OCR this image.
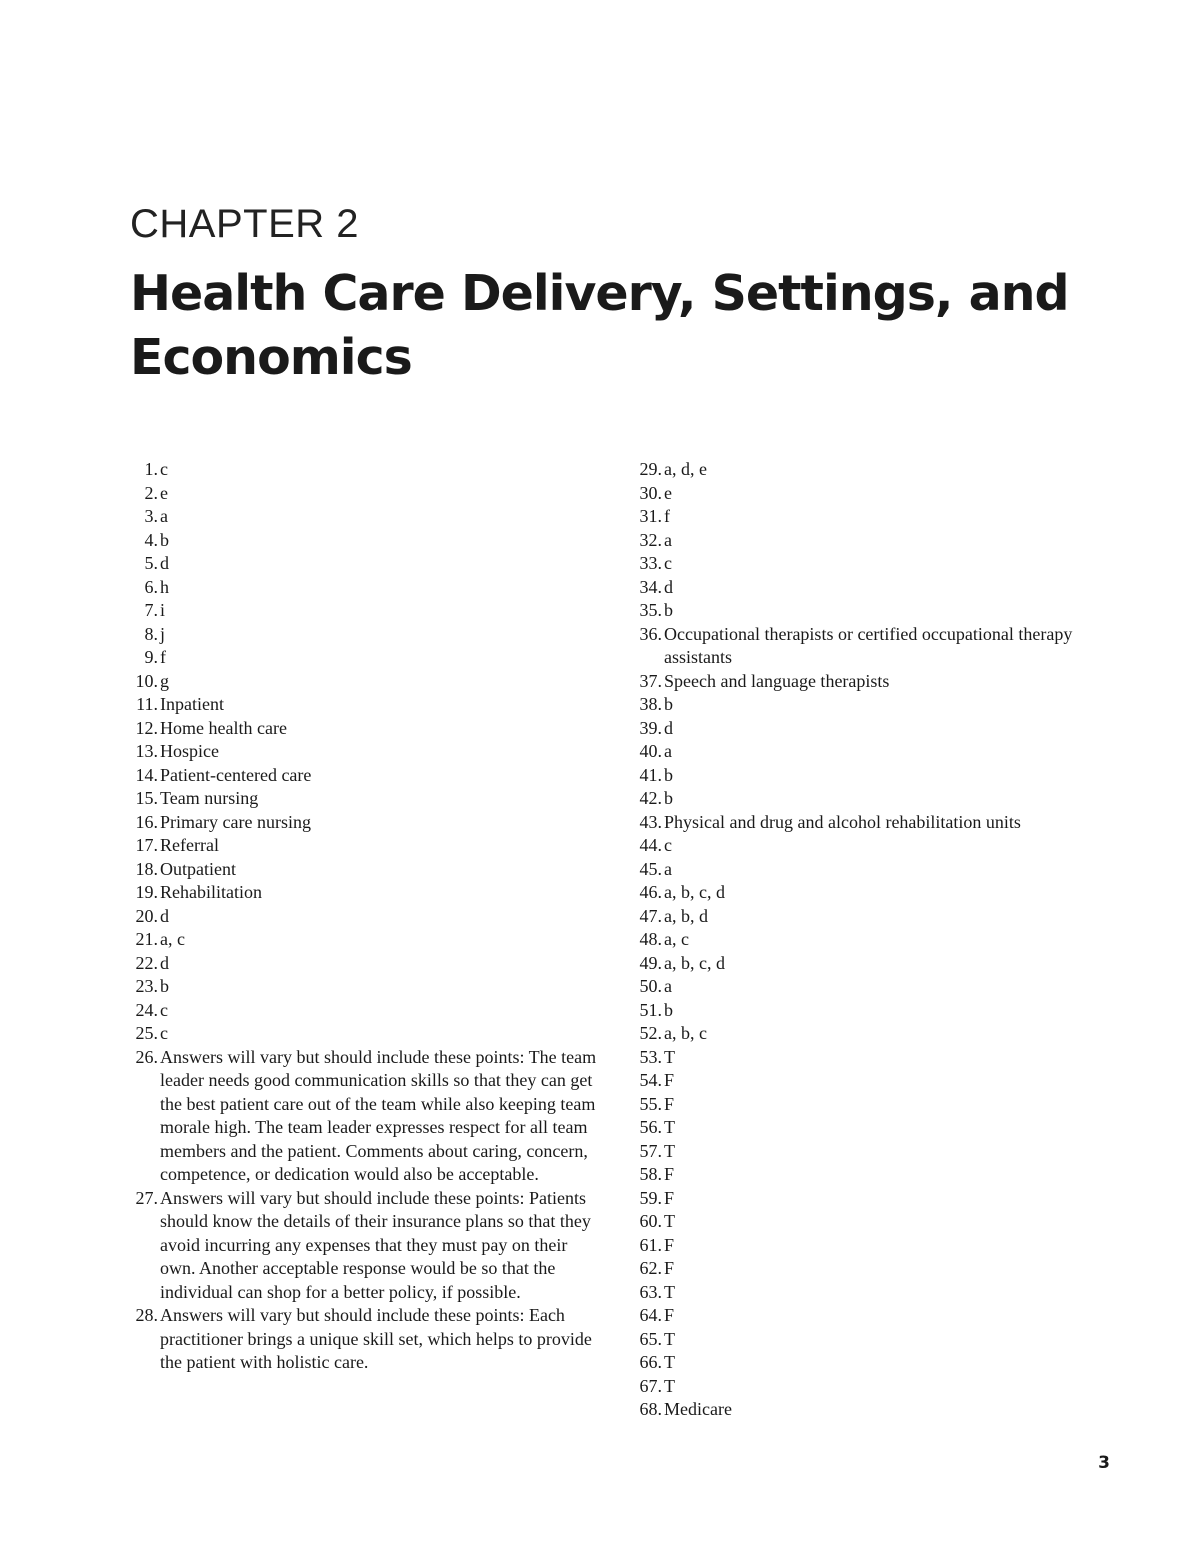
CHAPTER 2
Health Care Delivery, Settings, and Economics
1. c
2. e
3. a
4. b
5. d
6. h
7. i
8. j
9. f
10. g
11. Inpatient
12. Home health care
13. Hospice
14. Patient-centered care
15. Team nursing
16. Primary care nursing
17. Referral
18. Outpatient
19. Rehabilitation
20. d
21. a, c
22. d
23. b
24. c
25. c
26. Answers will vary but should include these points: The team leader needs good communication skills so that they can get the best patient care out of the team while also keeping team morale high. The team leader expresses respect for all team members and the patient. Comments about caring, concern, competence, or dedication would also be acceptable.
27. Answers will vary but should include these points: Patients should know the details of their insurance plans so that they avoid incurring any expenses that they must pay on their own. Another acceptable response would be so that the individual can shop for a better policy, if possible.
28. Answers will vary but should include these points: Each practitioner brings a unique skill set, which helps to provide the patient with holistic care.
29. a, d, e
30. e
31. f
32. a
33. c
34. d
35. b
36. Occupational therapists or certified occupational therapy assistants
37. Speech and language therapists
38. b
39. d
40. a
41. b
42. b
43. Physical and drug and alcohol rehabilitation units
44. c
45. a
46. a, b, c, d
47. a, b, d
48. a, c
49. a, b, c, d
50. a
51. b
52. a, b, c
53. T
54. F
55. F
56. T
57. T
58. F
59. F
60. T
61. F
62. F
63. T
64. F
65. T
66. T
67. T
68. Medicare
3
